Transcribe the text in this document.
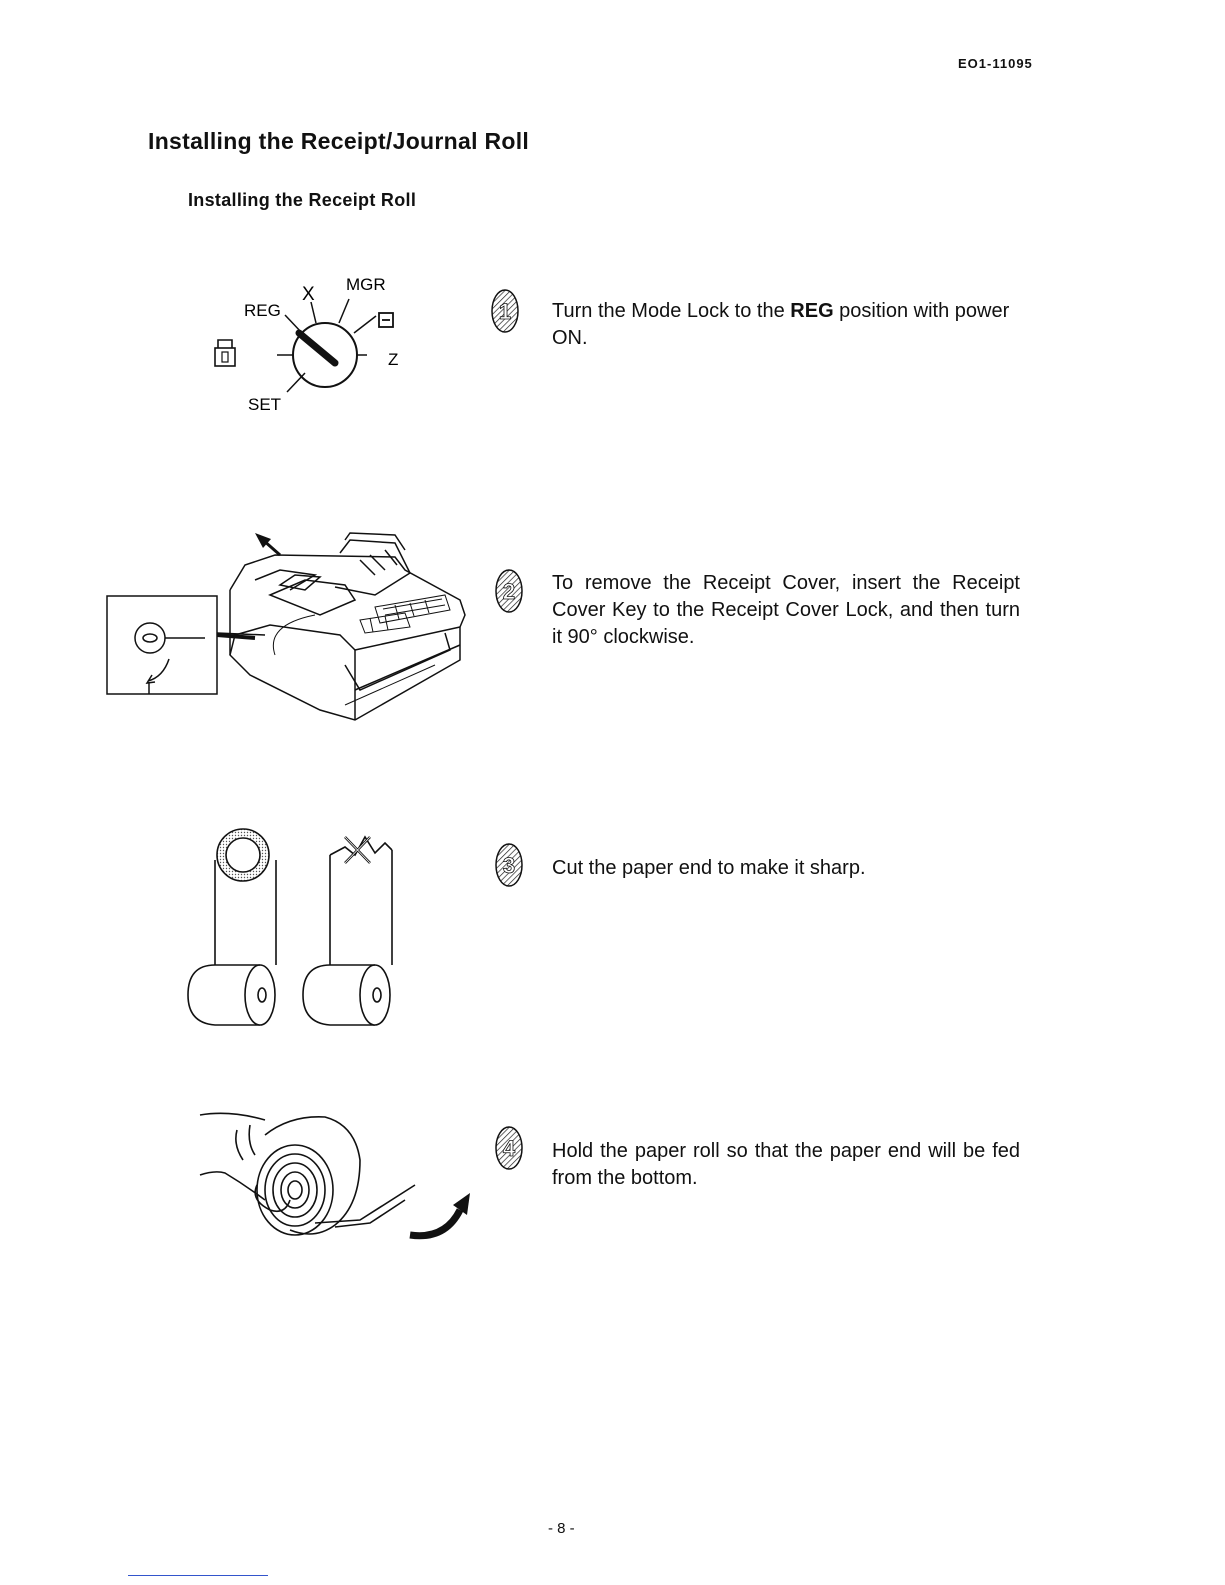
EO1-11095
Installing the Receipt/Journal Roll
Installing the Receipt Roll
X MGR
REG
Z
SET
1 Turn the Mode Lock to the REG position with power ON.

2 To remove the Receipt Cover, insert the Receipt Cover Key to the Receipt Cover Lock, and then turn it 90° clockwise.

3 Cut the paper end to make it sharp.

4 Hold the paper roll so that the paper end will be fed from the bottom.

- 8 -
